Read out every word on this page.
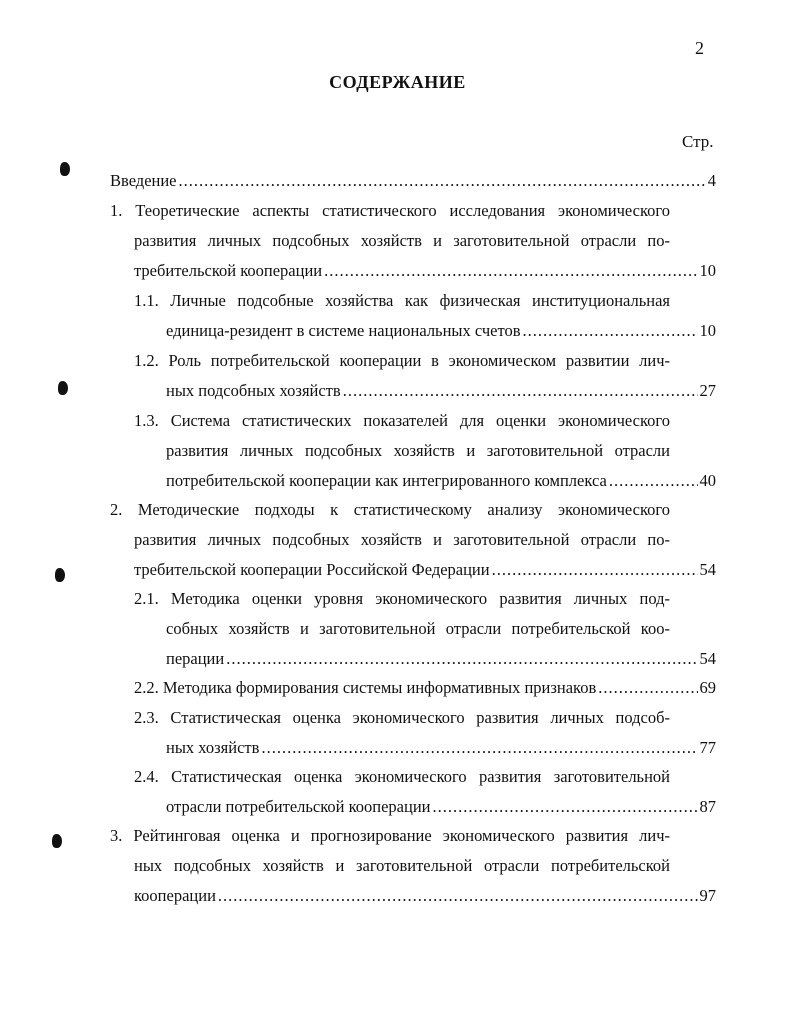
2
СОДЕРЖАНИЕ
Стр.
Введение .....	4
1. Теоретические аспекты статистического исследования экономического
развития личных подсобных хозяйств и заготовительной отрасли по-
требительской кооперации .....	10
1.1. Личные подсобные хозяйства как физическая институциональная
единица-резидент в системе национальных счетов .....	10
1.2. Роль потребительской кооперации в экономическом развитии лич-
ных подсобных хозяйств .....	27
1.3. Система статистических показателей для оценки экономического
развития личных подсобных хозяйств и заготовительной отрасли
потребительской кооперации как интегрированного комплекса .....	40
2. Методические подходы к статистическому анализу экономического
развития личных подсобных хозяйств и заготовительной отрасли по-
требительской кооперации Российской Федерации .....	54
2.1. Методика оценки уровня экономического развития личных под-
собных хозяйств и заготовительной отрасли потребительской коо-
перации .....	54
2.2. Методика формирования системы информативных признаков .....	69
2.3. Статистическая оценка экономического развития личных подсоб-
ных хозяйств .....	77
2.4. Статистическая оценка экономического развития заготовительной
отрасли потребительской кооперации .....	87
3. Рейтинговая оценка и прогнозирование экономического развития лич-
ных подсобных хозяйств и заготовительной отрасли потребительской
кооперации .....	97
